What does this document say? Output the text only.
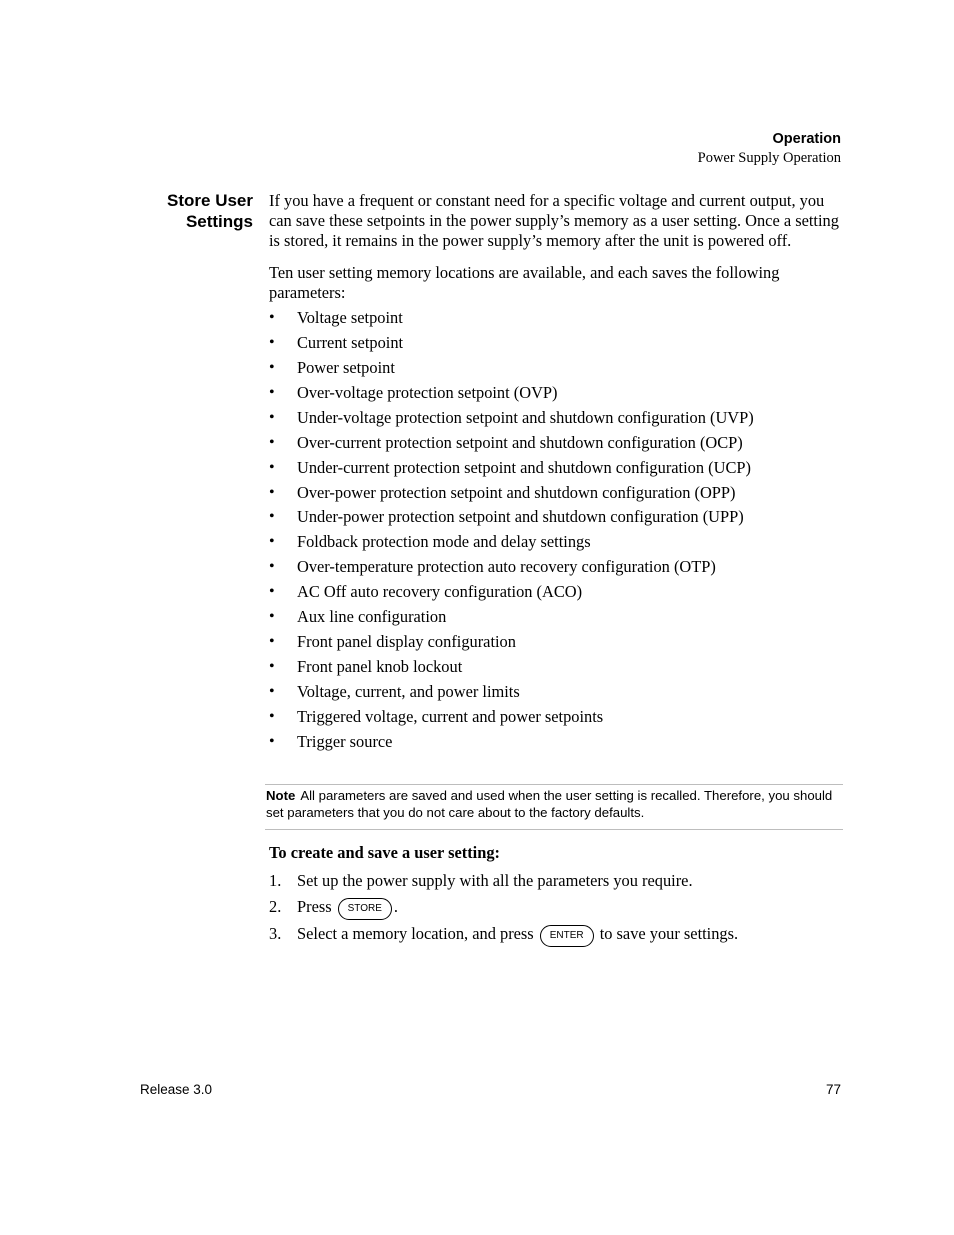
Operation
Power Supply Operation
Store User
Settings

If you have a frequent or constant need for a specific voltage and current output, you can save these setpoints in the power supply’s memory as a user setting. Once a setting is stored, it remains in the power supply’s memory after the unit is powered off.

Ten user setting memory locations are available, and each saves the following parameters:

• Voltage setpoint
• Current setpoint
• Power setpoint
• Over-voltage protection setpoint (OVP)
• Under-voltage protection setpoint and shutdown configuration (UVP)
• Over-current protection setpoint and shutdown configuration (OCP)
• Under-current protection setpoint and shutdown configuration (UCP)
• Over-power protection setpoint and shutdown configuration (OPP)
• Under-power protection setpoint and shutdown configuration (UPP)
• Foldback protection mode and delay settings
• Over-temperature protection auto recovery configuration (OTP)
• AC Off auto recovery configuration (ACO)
• Aux line configuration
• Front panel display configuration
• Front panel knob lockout
• Voltage, current, and power limits
• Triggered voltage, current and power setpoints
• Trigger source
Note All parameters are saved and used when the user setting is recalled. Therefore, you should set parameters that you do not care about to the factory defaults.

To create and save a user setting:

1. Set up the power supply with all the parameters you require.
2. Press STORE .
3. Select a memory location, and press ENTER to save your settings.
Release 3.0	77
